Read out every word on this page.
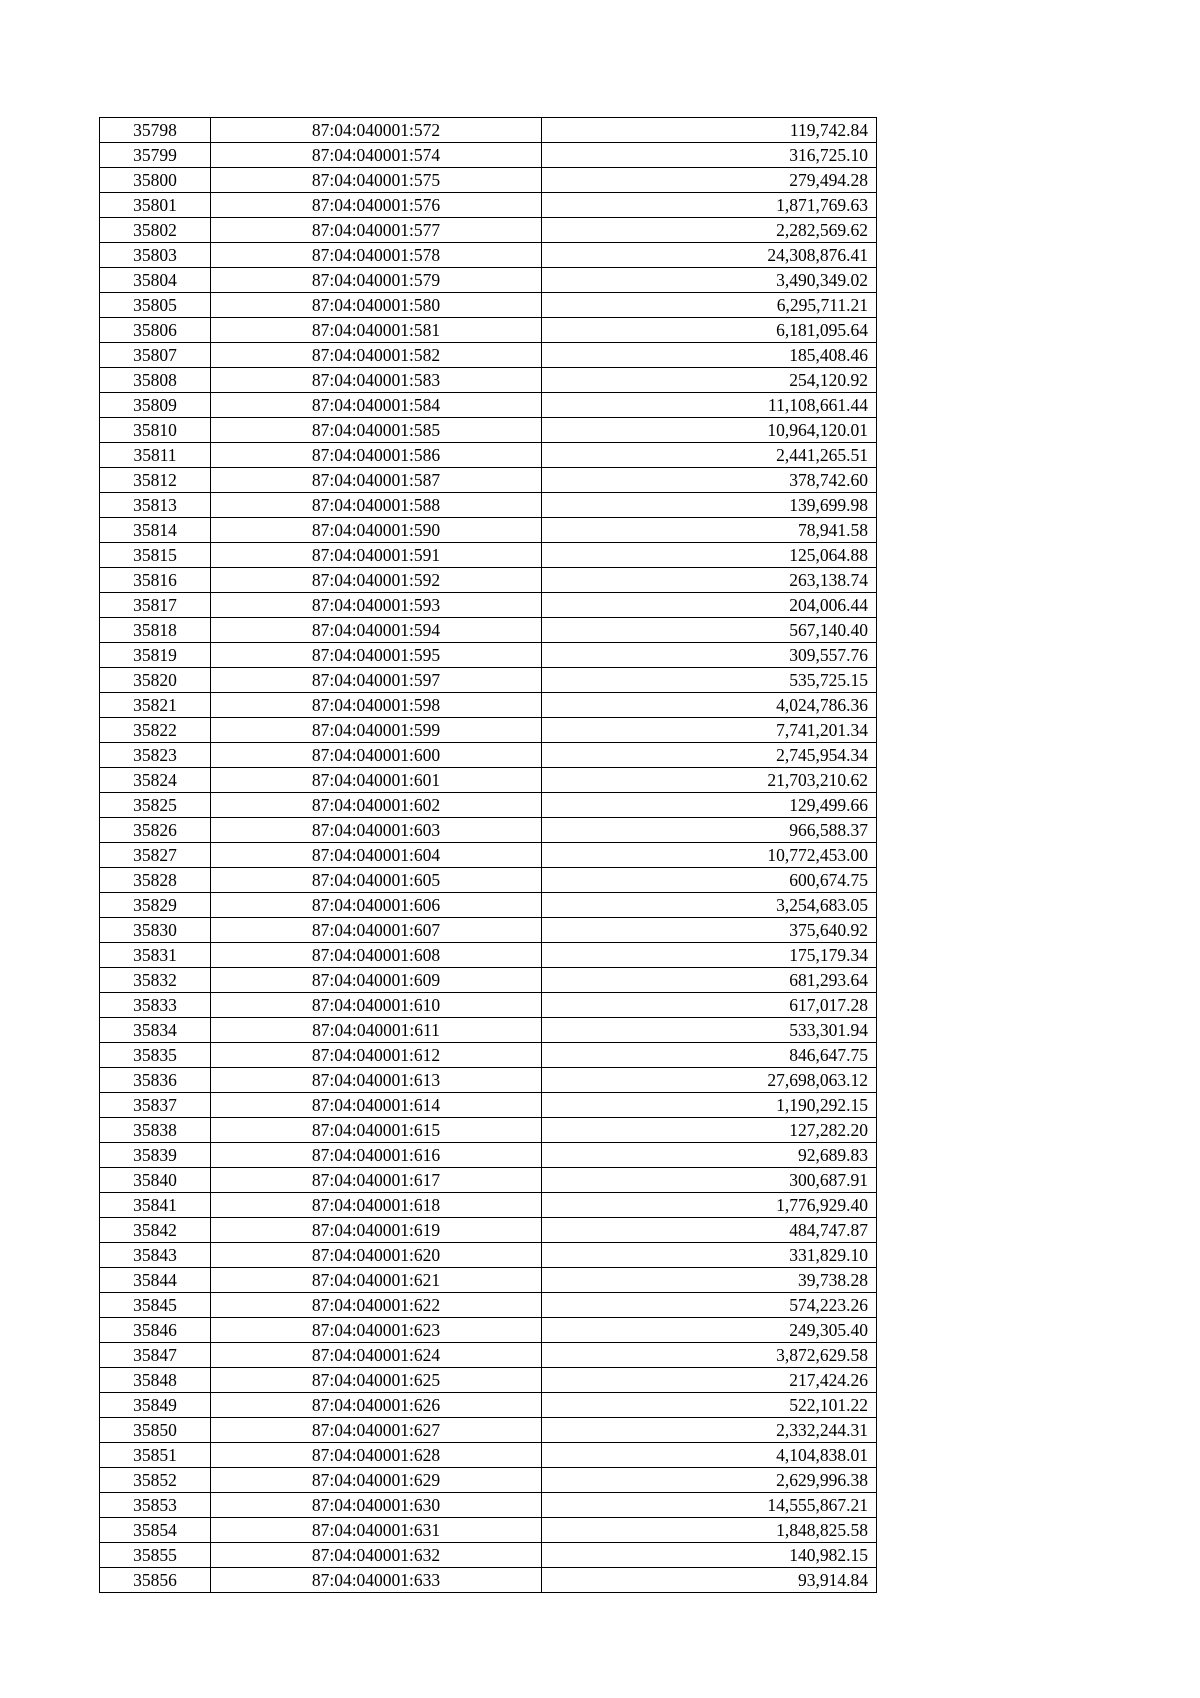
35798	87:04:040001:572	119,742.84
35799	87:04:040001:574	316,725.10
35800	87:04:040001:575	279,494.28
35801	87:04:040001:576	1,871,769.63
35802	87:04:040001:577	2,282,569.62
35803	87:04:040001:578	24,308,876.41
35804	87:04:040001:579	3,490,349.02
35805	87:04:040001:580	6,295,711.21
35806	87:04:040001:581	6,181,095.64
35807	87:04:040001:582	185,408.46
35808	87:04:040001:583	254,120.92
35809	87:04:040001:584	11,108,661.44
35810	87:04:040001:585	10,964,120.01
35811	87:04:040001:586	2,441,265.51
35812	87:04:040001:587	378,742.60
35813	87:04:040001:588	139,699.98
35814	87:04:040001:590	78,941.58
35815	87:04:040001:591	125,064.88
35816	87:04:040001:592	263,138.74
35817	87:04:040001:593	204,006.44
35818	87:04:040001:594	567,140.40
35819	87:04:040001:595	309,557.76
35820	87:04:040001:597	535,725.15
35821	87:04:040001:598	4,024,786.36
35822	87:04:040001:599	7,741,201.34
35823	87:04:040001:600	2,745,954.34
35824	87:04:040001:601	21,703,210.62
35825	87:04:040001:602	129,499.66
35826	87:04:040001:603	966,588.37
35827	87:04:040001:604	10,772,453.00
35828	87:04:040001:605	600,674.75
35829	87:04:040001:606	3,254,683.05
35830	87:04:040001:607	375,640.92
35831	87:04:040001:608	175,179.34
35832	87:04:040001:609	681,293.64
35833	87:04:040001:610	617,017.28
35834	87:04:040001:611	533,301.94
35835	87:04:040001:612	846,647.75
35836	87:04:040001:613	27,698,063.12
35837	87:04:040001:614	1,190,292.15
35838	87:04:040001:615	127,282.20
35839	87:04:040001:616	92,689.83
35840	87:04:040001:617	300,687.91
35841	87:04:040001:618	1,776,929.40
35842	87:04:040001:619	484,747.87
35843	87:04:040001:620	331,829.10
35844	87:04:040001:621	39,738.28
35845	87:04:040001:622	574,223.26
35846	87:04:040001:623	249,305.40
35847	87:04:040001:624	3,872,629.58
35848	87:04:040001:625	217,424.26
35849	87:04:040001:626	522,101.22
35850	87:04:040001:627	2,332,244.31
35851	87:04:040001:628	4,104,838.01
35852	87:04:040001:629	2,629,996.38
35853	87:04:040001:630	14,555,867.21
35854	87:04:040001:631	1,848,825.58
35855	87:04:040001:632	140,982.15
35856	87:04:040001:633	93,914.84
